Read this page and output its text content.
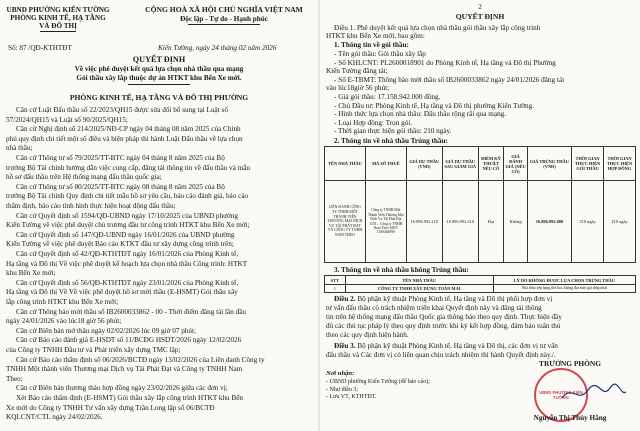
UBND PHƯỜNG KIẾN TƯỜNG
PHÒNG KINH TẾ, HẠ TẦNG
VÀ ĐÔ THỊ
CỘNG HOÀ XÃ HỘI CHỦ NGHĨA VIỆT NAM
Độc lập - Tự do - Hạnh phúc
Số: 87 /QĐ-KTHTĐT	Kiến Tường, ngày 24 tháng 02 năm 2026
QUYẾT ĐỊNH
Về việc phê duyệt kết quả lựa chọn nhà thầu qua mạng
Gói thầu xây lắp thuộc dự án HTKT khu Bến Xe mới.
PHÒNG KINH TẾ, HẠ TẦNG VÀ ĐÔ THỊ PHƯỜNG
Căn cứ Luật Đấu thầu số 22/2023/QH15 được sửa đổi bổ sung tại Luật số
57/2024/QH15 và Luật số 90/2025/QH15;
Căn cứ Nghị định số 214/2025/NĐ-CP ngày 04 tháng 08 năm 2025 của Chính
phủ quy định chi tiết một số điều và biện pháp thi hành Luật Đấu thầu về lựa chọn
nhà thầu;
Căn cứ Thông tư số 79/2025/TT-BTC ngày 04 tháng 8 năm 2025 của Bộ
trưởng Bộ Tài chính hướng dẫn việc cung cấp, đăng tải thông tin về đấu thầu và mẫu
hồ sơ đấu thầu trên Hệ thống mạng đấu thầu quốc gia;
Căn cứ Thông tư số 80/2025/TT-BTC ngày 08 tháng 8 năm 2025 của Bộ
trưởng Bộ Tài chính Quy định chi tiết mẫu hồ sơ yêu cầu, báo cáo đánh giá, báo cáo
thẩm định, báo cáo tình hình thực hiện hoạt động đấu thầu;
Căn cứ Quyết định số 1594/QĐ-UBND ngày 17/10/2025 của UBND phường
Kiến Tường về việc phê duyệt chủ trương đầu tư công trình HTKT khu Bến Xe mới;
Căn cứ Quyết định số 147/QĐ-UBND ngày 16/01/2026 của UBND phường
Kiến Tường về việc phê duyệt Báo cáo KTKT đầu tư xây dựng công trình trên;
Căn cứ Quyết định số 42/QĐ-KTHTĐT ngày 16/01/2026 của Phòng Kinh tế,
Hạ tầng và Đô thị Về việc phê duyệt kế hoạch lựa chọn nhà thầu Công trình: HTKT
khu Bến Xe mới;
Căn cứ Quyết định số 56/QĐ-KTHTĐT ngày 23/01/2026 của Phòng Kinh tế,
Hạ tầng và Đô thị Về Về việc phê duyệt hồ sơ mời thầu (E-HSMT) Gói thầu xây
lắp công trình HTKT khu Bến Xe mới;
Căn cứ Thông báo mời thầu số IB2600033862 - 00 - Thời điểm đăng tải lần đầu
ngày 24/01/2026 vào lúc18 giờ 56 phút;
Căn cứ Biên bản mở thầu ngày 02/02/2026 lúc 09 giờ 07 phút;
Căn cứ Báo cáo đánh giá E-HSDT số 11/BCĐG HSDT/2026 ngày 12/02/2026
của Công ty TNHH Đầu tư và Phát triển xây dựng TMC lập;
Căn cứ Báo cáo thẩm định số 06/2026/BCTĐ ngày 13/02/2026 của Liên danh Công ty
TNHH Một thành viên Thương mại Dịch vụ Tài Phát Đạt và Công ty TNHH Nam
Theo;
Căn cứ Biên bản thương thảo hợp đồng ngày 23/02/2026 giữa các đơn vị;
Xét Báo cáo thẩm định (E-HSMT) Gói thầu xây lắp công trình HTKT khu Bến
Xe mới do Công ty TNHH Tư vấn xây dựng Trần Long lập số 06/BCTĐ
KQLCNT/CTL ngày 24/02/2026.
2
QUYẾT ĐỊNH
Điều 1. Phê duyệt kết quả lựa chọn nhà thầu gói thầu xây lắp công trình
HTKT khu Bến Xe mới, bao gồm:
1. Thông tin về gói thầu:
- Tên gói thầu: Gói thầu xây lắp
- Số KHLCNT: PL2600018901 do Phòng Kinh tế, Hạ tầng và Đô thị Phường
Kiến Tường đăng tải;
- Số E-TBMT: Thông báo mời thầu số IB2600033862 ngày 24/01/2026 đăng tải
vào lúc18giờ 56 phút;
- Giá gói thầu: 17.158.942.000 đồng.
- Chủ Đầu tư: Phòng Kinh tế, Hạ tầng và Đô thị phường Kiến Tường.
- Hình thức lựa chọn nhà thầu: Đấu thầu rộng rãi qua mạng.
- Loại Hợp đồng: Trọn gói.
- Thời gian thực hiện gói thầu: 210 ngày.
2. Thông tin về nhà thầu Trúng thầu:
TÊN NHÀ THẦU	MÃ SỐ THUẾ	GIÁ DỰ THẦU (VND)	GIÁ DỰ THẦU SAU GIẢM GIÁ	ĐIỂM KỸ THUẬT NẾU CÓ	GIÁ ĐÁNH GIÁ (NẾU CÓ)	GIÁ TRÚNG THẦU (VND)	THỜI GIAN THỰC HIỆN GÓI THẦU	THỜI GIAN THỰC HIỆN HỢP ĐỒNG
LIÊN DANH CÔNG TY TNHH MỘT THÀNH VIÊN THƯƠNG MẠI DỊCH VỤ TÀI PHÁT ĐẠT VÀ CÔNG TY TNHH NAM THEO	Công ty TNHH Một Thành Viên Thương Mại Dịch Vụ Tài Phát Đạt 1101... Công ty TNHH Nam Theo MST: 1100464990	16.896.992.210	16.896.992.210	Đạt	Không	16.896.992.000	210 ngày	210 ngày
3. Thông tin về nhà thầu không Trúng thầu:
STT	TÊN NHÀ THẦU	LÝ DO KHÔNG ĐƯỢC LỰA CHỌN TRÚNG THẦU
1	CÔNG TY TNHH XÂY DỰNG TOÀN MAI	Nhà thầu xếp hạng thứ hai, không đạt mức giá thấp nhất
Điều 2. Bộ phận kỹ thuật Phòng Kinh tế, Hạ tầng và Đô thị phối hợp đơn vị
tư vấn đấu thầu có trách nhiệm triển khai Quyết định này và đăng tải thông
tin trên hệ thống mạng đấu thầu Quốc gia thông báo theo quy định. Thực hiện đầy
đủ các thủ tục pháp lý theo quy định trước khi ký kết hợp đồng, đảm bảo tuân thủ
theo các quy định hiện hành.
Điều 3. Bộ phận kỹ thuật Phòng Kinh tế, Hạ tầng và Đô thị, các đơn vị tư vấn
đấu thầu và Các đơn vị có liên quan chịu trách nhiệm thi hành Quyết định này./.
Nơi nhận:
- UBND phường Kiến Tường (để báo cáo);
- Như điều 3;
- Lưu VT, KTHTĐT.
TRƯỞNG PHÒNG
UBND PHƯỜNG KIẾN TƯỜNG
Nguyễn Thị Thúy Hằng
